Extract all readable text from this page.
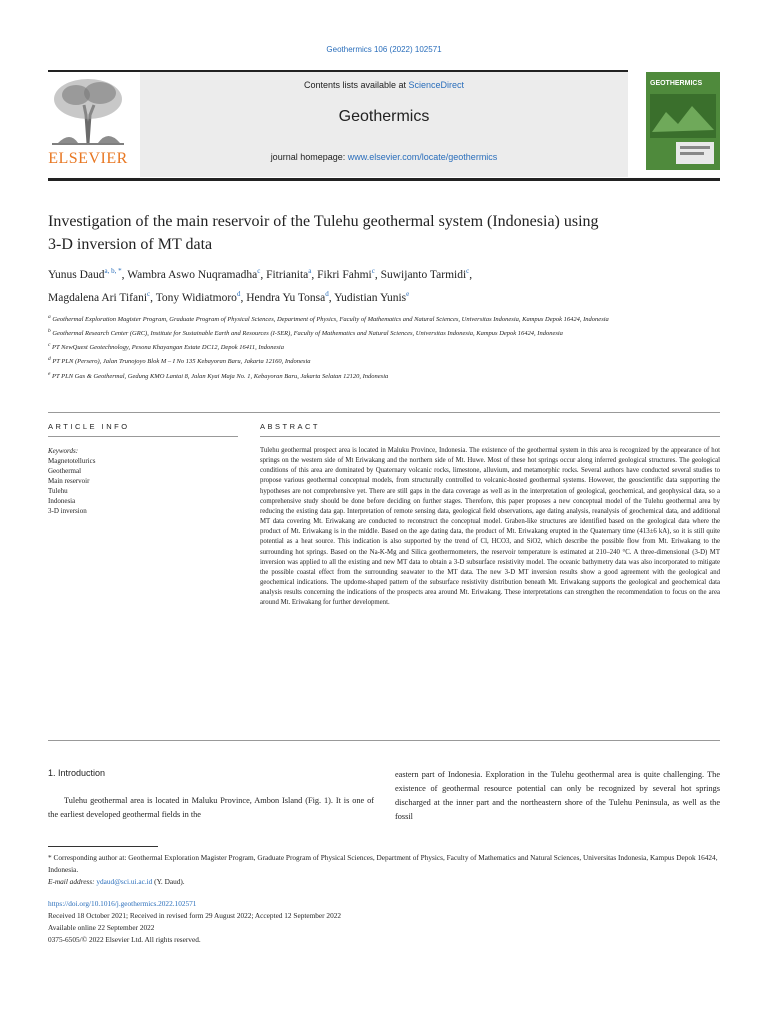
Geothermics 106 (2022) 102571
ELSEVIER
Contents lists available at ScienceDirect
Geothermics
journal homepage: www.elsevier.com/locate/geothermics
GEOTHERMICS
Investigation of the main reservoir of the Tulehu geothermal system (Indonesia) using 3-D inversion of MT data
Yunus Daud$^{a, b, *}$, Wambra Aswo Nuqramadha$^c$, Fitrianita$^a$, Fikri Fahmi$^c$, Suwijanto Tarmidi$^c$,
Magdalena Ari Tifani$^c$, Tony Widiatmoro$^d$, Hendra Yu Tonsa$^d$, Yudistian Yunis$^e$

$^a$ Geothermal Exploration Magister Program, Graduate Program of Physical Sciences, Department of Physics, Faculty of Mathematics and Natural Sciences, Universitas Indonesia, Kampus Depok 16424, Indonesia

$^b$ Geothermal Research Center (GRC), Institute for Sustainable Earth and Resources (I-SER), Faculty of Mathematics and Natural Sciences, Universitas Indonesia, Kampus Depok 16424, Indonesia

$^c$ PT NewQuest Geotechnology, Pesona Khayangan Estate DC12, Depok 16411, Indonesia

$^d$ PT PLN (Persero), Jalan Trunojoyo Blok M – I No 135 Kebayoran Baru, Jakarta 12160, Indonesia

$^e$ PT PLN Gas & Geothermal, Gedung KMO Lantai 8, Jalan Kyai Maja No. 1, Kebayoran Baru, Jakarta Selatan 12120, Indonesia

ARTICLE INFO	ABSTRACT
Keywords:
Magnetotellurics
Geothermal
Main reservoir
Tulehu
Indonesia
3-D inversion
Tulehu geothermal prospect area is located in Maluku Province, Indonesia. The existence of the geothermal system in this area is recognized by the appearance of hot springs on the western side of Mt Eriwakang and the northern side of Mt. Huwe. Most of these hot springs occur along inferred geological structures. The geological conditions of this area are dominated by Quaternary volcanic rocks, limestone, alluvium, and metamorphic rocks. Several authors have conducted several studies to propose various geothermal conceptual models, from structurally controlled to volcanic-hosted geothermal systems. However, the geoscientific data supporting the hypotheses are not comprehensive yet. There are still gaps in the data coverage as well as in the interpretation of geological, geochemical, and geophysical data, so a comprehensive study should be done before deciding on further stages. Therefore, this paper proposes a new conceptual model of the Tulehu geothermal area by reducing the existing data gap. Interpretation of remote sensing data, geological field observations, age dating analysis, reanalysis of geochemical data, and additional MT data covering Mt. Eriwakang are conducted to reconstruct the conceptual model. Graben-like structures are identified based on the geological data where the product of Mt. Eriwakang is in the middle. Based on the age dating data, the product of Mt. Eriwakang erupted in the Quaternary time (413±6 kA), so it is still quite potential as a heat source. This indication is also supported by the trend of Cl, HCO3, and SiO2, which describe the possible flow from Mt. Eriwakang to the surrounding hot springs. Based on the Na-K-Mg and Silica geothermometers, the reservoir temperature is estimated at 210–240 °C. A three-dimensional (3-D) MT inversion was applied to all the existing and new MT data to obtain a 3-D subsurface resistivity model. The oceanic bathymetry data was also incorporated to mitigate the possible coastal effect from the surrounding seawater to the MT data. The new 3-D MT inversion results show a good agreement with the geological and geochemical indications. The updome-shaped pattern of the subsurface resistivity distribution beneath Mt. Eriwakang supports the geological and geochemical data analysis results concerning the indications of the prospects area around Mt. Eriwakang. These interpretations can strengthen the recommendation to focus on the area around Mt. Eriwakang for further development.
1. Introduction
Tulehu geothermal area is located in Maluku Province, Ambon Island (Fig. 1). It is one of the earliest developed geothermal fields in the
eastern part of Indonesia. Exploration in the Tulehu geothermal area is quite challenging. The existence of geothermal resource potential can only be recognized by several hot springs discharged at the inner part and the northeastern shore of the Tulehu Peninsula, as well as the fossil
* Corresponding author at: Geothermal Exploration Magister Program, Graduate Program of Physical Sciences, Department of Physics, Faculty of Mathematics and Natural Sciences, Universitas Indonesia, Kampus Depok 16424, Indonesia.
E-mail address: ydaud@sci.ui.ac.id (Y. Daud).
https://doi.org/10.1016/j.geothermics.2022.102571
Received 18 October 2021; Received in revised form 29 August 2022; Accepted 12 September 2022
Available online 22 September 2022
0375-6505/© 2022 Elsevier Ltd. All rights reserved.
